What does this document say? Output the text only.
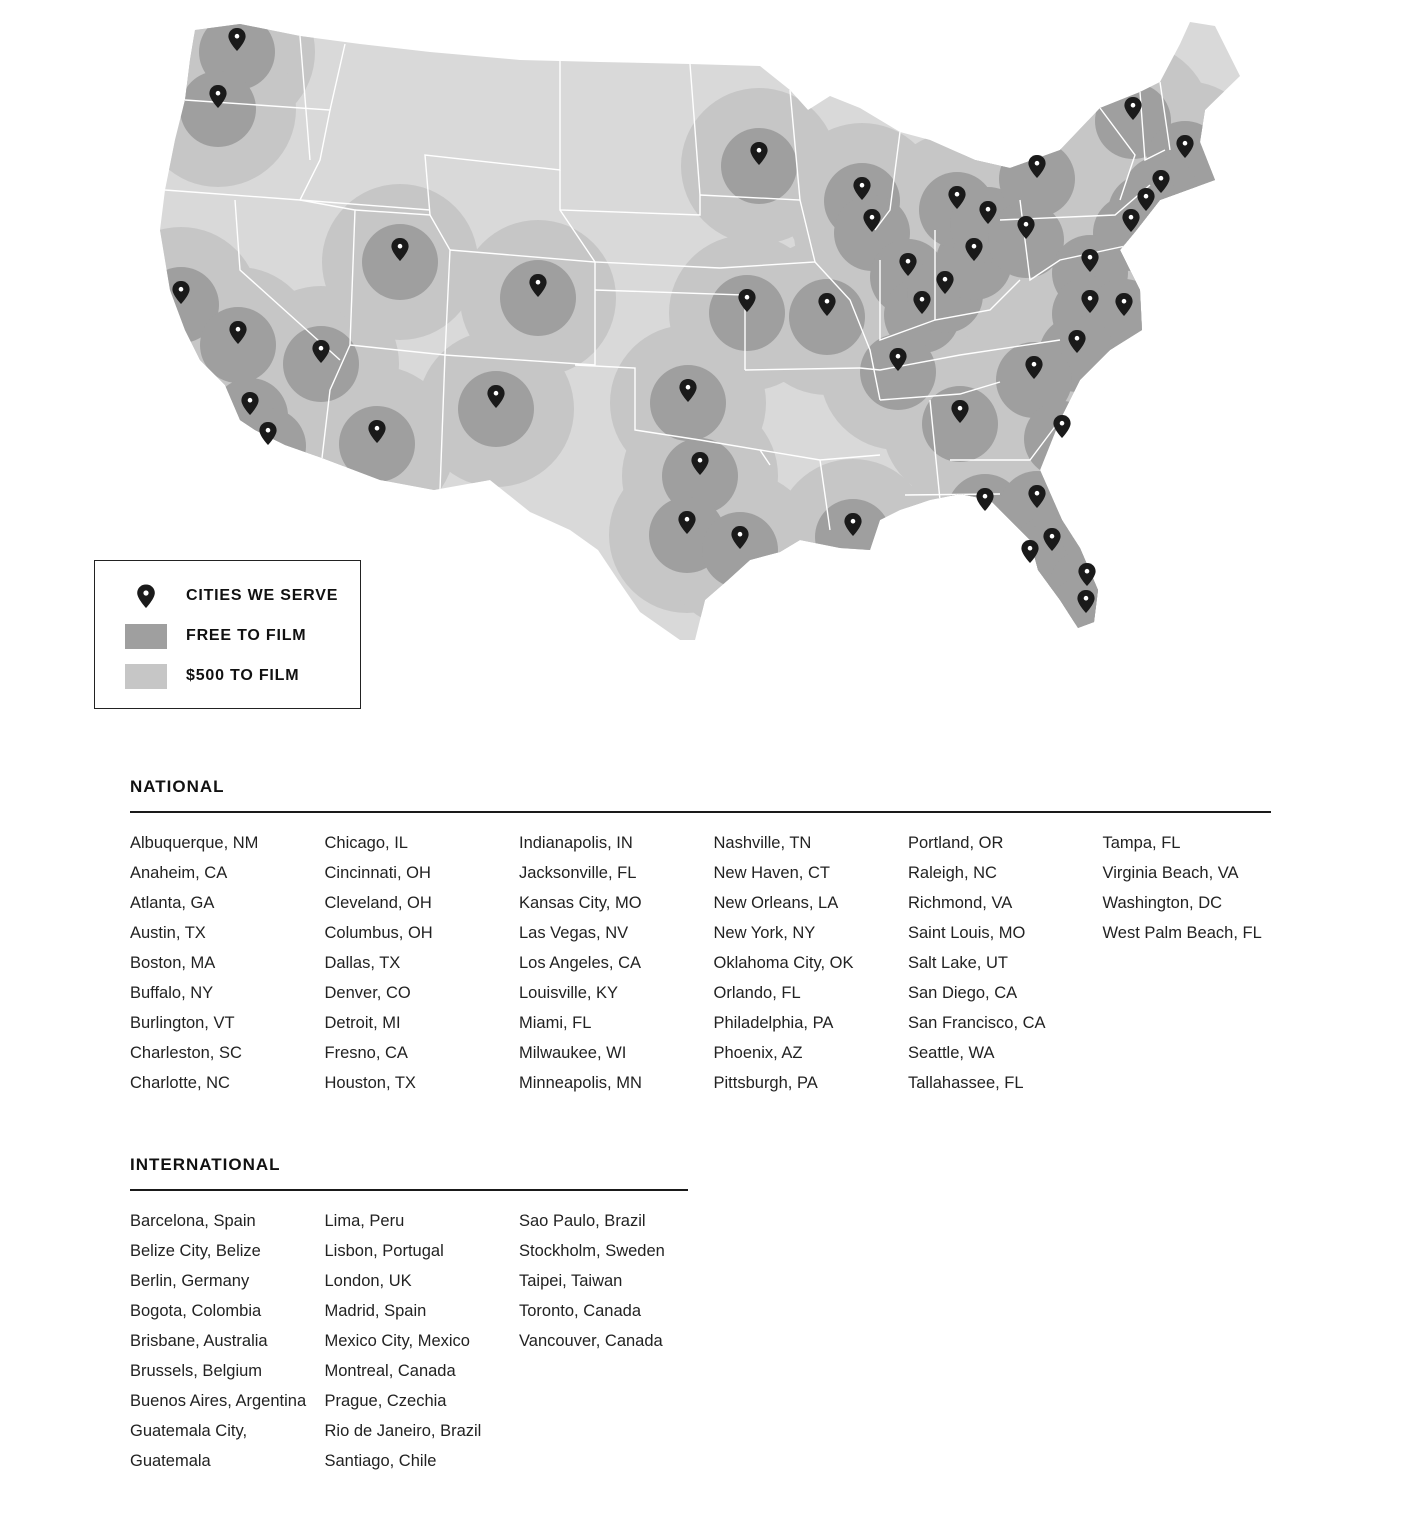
CITIES WE SERVE
FREE TO FILM
$500 TO FILM
NATIONAL
Albuquerque, NM
Anaheim, CA
Atlanta, GA
Austin, TX
Boston, MA
Buffalo, NY
Burlington, VT
Charleston, SC
Charlotte, NC
Chicago, IL
Cincinnati, OH
Cleveland, OH
Columbus, OH
Dallas, TX
Denver, CO
Detroit, MI
Fresno, CA
Houston, TX
Indianapolis, IN
Jacksonville, FL
Kansas City, MO
Las Vegas, NV
Los Angeles, CA
Louisville, KY
Miami, FL
Milwaukee, WI
Minneapolis, MN
Nashville, TN
New Haven, CT
New Orleans, LA
New York, NY
Oklahoma City, OK
Orlando, FL
Philadelphia, PA
Phoenix, AZ
Pittsburgh, PA
Portland, OR
Raleigh, NC
Richmond, VA
Saint Louis, MO
Salt Lake, UT
San Diego, CA
San Francisco, CA
Seattle, WA
Tallahassee, FL
Tampa, FL
Virginia Beach, VA
Washington, DC
West Palm Beach, FL
INTERNATIONAL
Barcelona, Spain
Belize City, Belize
Berlin, Germany
Bogota, Colombia
Brisbane, Australia
Brussels, Belgium
Buenos Aires, Argentina
Guatemala City,
Guatemala
Lima, Peru
Lisbon, Portugal
London, UK
Madrid, Spain
Mexico City, Mexico
Montreal, Canada
Prague, Czechia
Rio de Janeiro, Brazil
Santiago, Chile
Sao Paulo, Brazil
Stockholm, Sweden
Taipei, Taiwan
Toronto, Canada
Vancouver, Canada
